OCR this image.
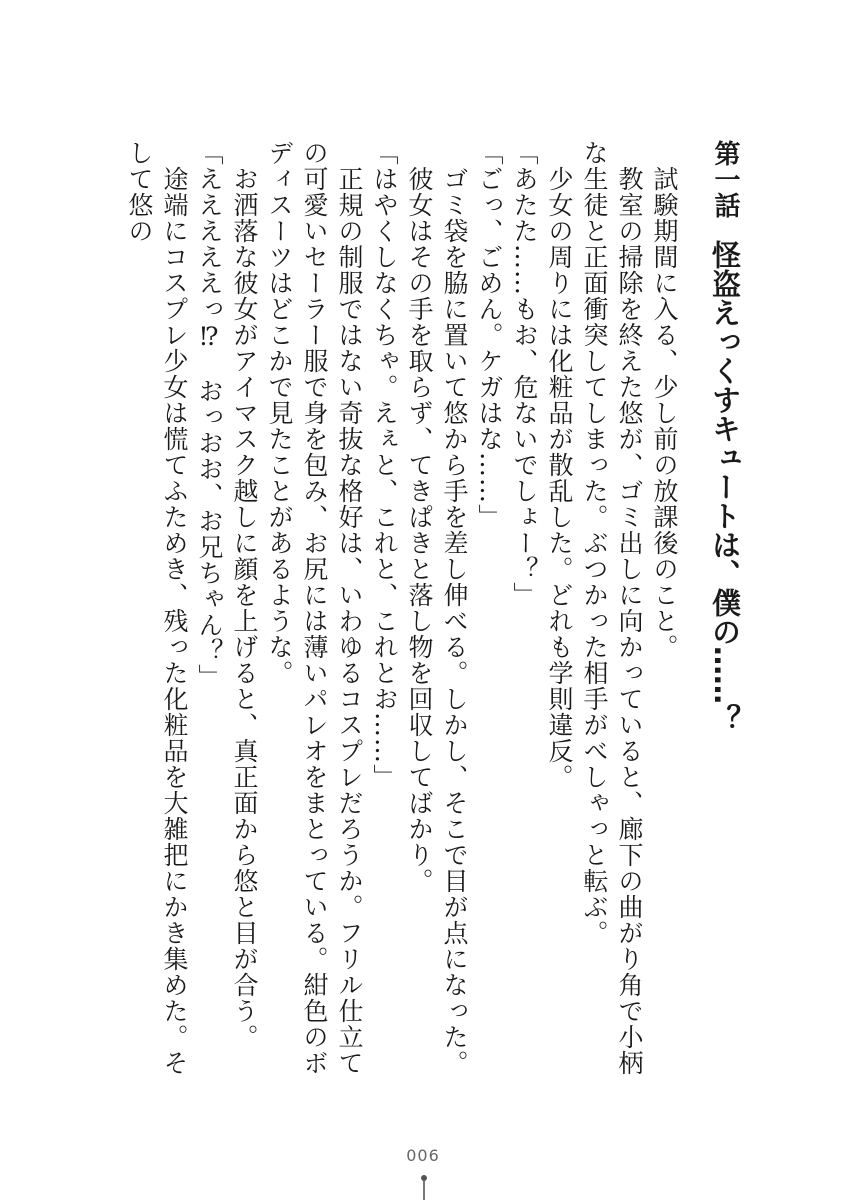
第一話怪盗えっくすキュートは、僕の……？

　試験期間に入る、少し前の放課後のこと。

　教室の掃除を終えた悠が、ゴミ出しに向かっていると、廊下の曲がり角で小柄な生徒と正面衝突してしまった。ぶつかった相手がべしゃっと転ぶ。

　少女の周りには化粧品が散乱した。どれも学則違反。

「あたた……もお、危ないでしょー？」

「ごっ、ごめん。ケガはな……」

　ゴミ袋を脇に置いて悠から手を差し伸べる。しかし、そこで目が点になった。

　彼女はその手を取らず、てきぱきと落し物を回収してばかり。

「はやくしなくちゃ。えぇと、これと、これとお……」

　正規の制服ではない奇抜な格好は、いわゆるコスプレだろうか。フリル仕立ての可愛いセーラー服で身を包み、お尻には薄いパレオをまとっている。紺色のボディスーツはどこかで見たことがあるような。

　お洒落な彼女がアイマスク越しに顔を上げると、真正面から悠と目が合う。

「えええええっ⁉　おっおお、お兄ちゃん？」

　途端にコスプレ少女は慌てふためき、残った化粧品を大雑把にかき集めた。そして悠の

006
